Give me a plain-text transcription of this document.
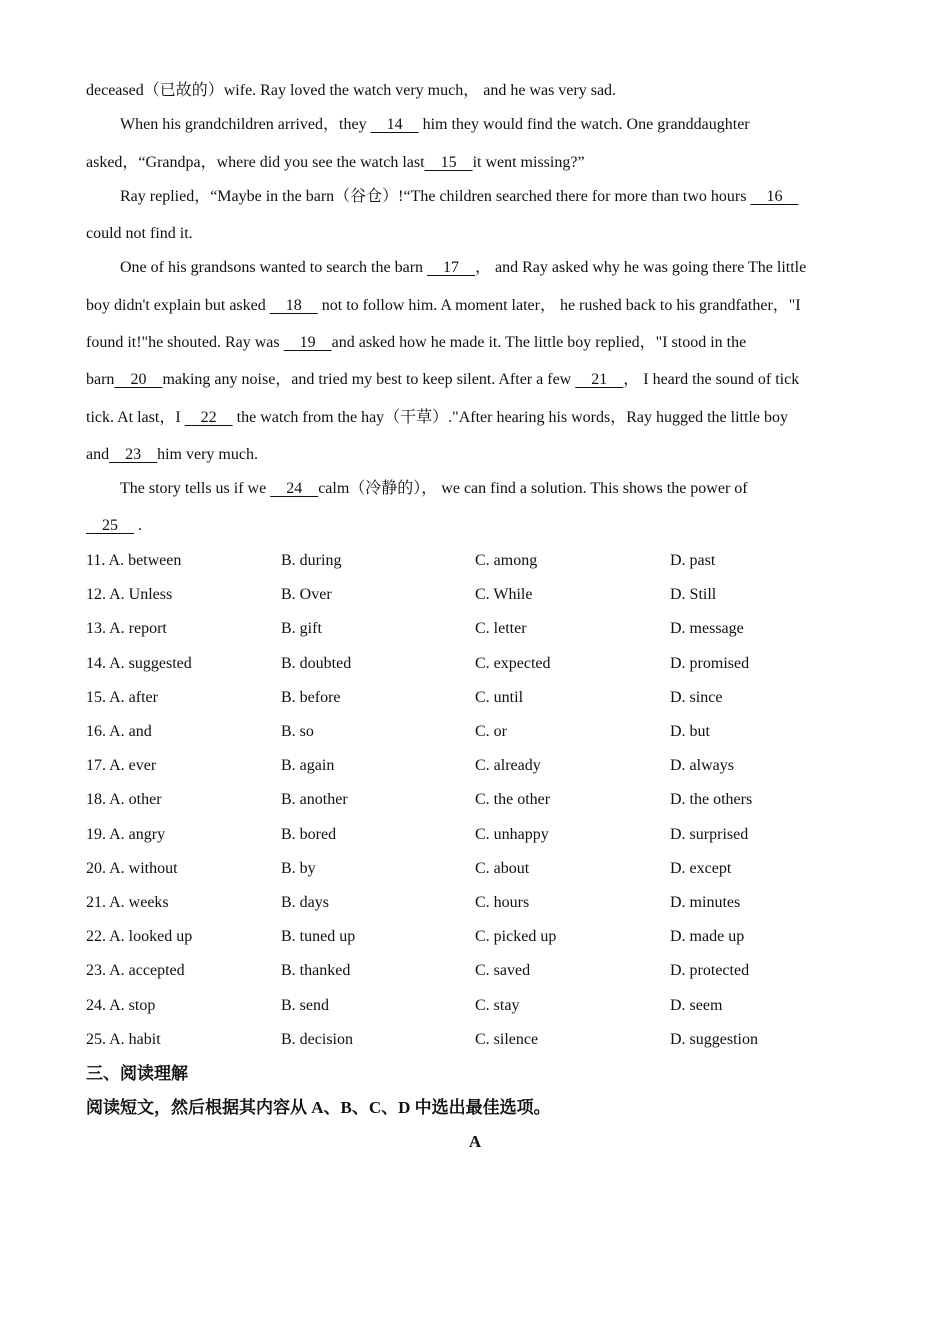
deceased（已故的）wife. Ray loved the watch very much， and he was very sad.
When his grandchildren arrived，they     14     him they would find the watch. One granddaughter
asked，“Grandpa，where did you see the watch last    15    it went missing?”
Ray replied，“Maybe in the barn（谷仓）!“The children searched there for more than two hours     16
could not find it.
One of his grandsons wanted to search the barn     17    ， and Ray asked why he was going there The little
boy didn't explain but asked     18     not to follow him. A moment later， he rushed back to his grandfather，"I
found it!"he shouted. Ray was     19    and asked how he made it. The little boy replied，"I stood in the
barn    20    making any noise，and tried my best to keep silent. After a few     21    ， I heard the sound of tick
tick. At last，I     22     the watch from the hay（干草）."After hearing his words，Ray hugged the little boy
and    23    him very much.
The story tells us if we     24    calm（冷静的）， we can find a solution. This shows the power of
25     .
11. A. between	B. during	C. among	D. past
12. A. Unless	B. Over	C. While	D. Still
13. A. report	B. gift	C. letter	D. message
14. A. suggested	B. doubted	C. expected	D. promised
15. A. after	B. before	C. until	D. since
16. A. and	B. so	C. or	D. but
17. A. ever	B. again	C. already	D. always
18. A. other	B. another	C. the other	D. the others
19. A. angry	B. bored	C. unhappy	D. surprised
20. A. without	B. by	C. about	D. except
21. A. weeks	B. days	C. hours	D. minutes
22. A. looked up	B. tuned up	C. picked up	D. made up
23. A. accepted	B. thanked	C. saved	D. protected
24. A. stop	B. send	C. stay	D. seem
25. A. habit	B. decision	C. silence	D. suggestion
三、阅读理解
阅读短文，然后根据其内容从 A、B、C、D 中选出最佳选项。
A
